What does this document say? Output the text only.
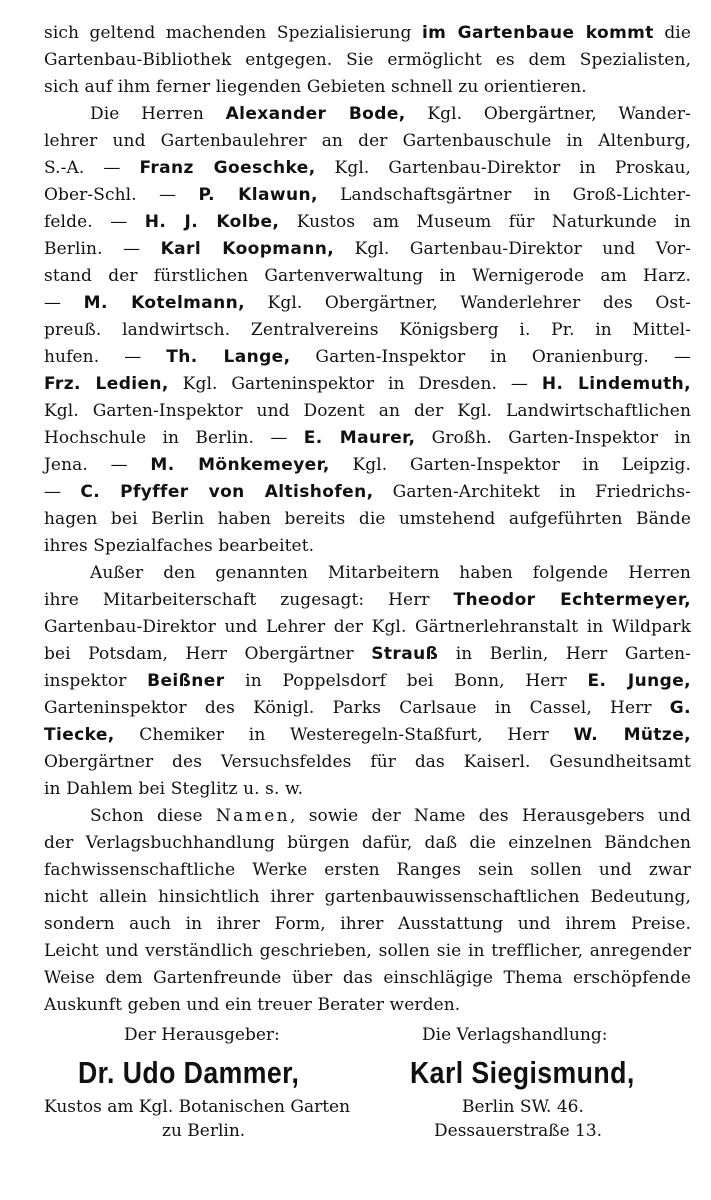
sich geltend machenden Spezialisierung im Gartenbaue kommt die
Gartenbau-Bibliothek entgegen. Sie ermöglicht es dem Spezialisten,
sich auf ihm ferner liegenden Gebieten schnell zu orientieren.
Die Herren Alexander Bode, Kgl. Obergärtner, Wander-
lehrer und Gartenbaulehrer an der Gartenbauschule in Altenburg,
S.-A. — Franz Goeschke, Kgl. Gartenbau-Direktor in Proskau,
Ober-Schl. — P. Klawun, Landschaftsgärtner in Groß-Lichter-
felde. — H. J. Kolbe, Kustos am Museum für Naturkunde in
Berlin. — Karl Koopmann, Kgl. Gartenbau-Direktor und Vor-
stand der fürstlichen Gartenverwaltung in Wernigerode am Harz.
— M. Kotelmann, Kgl. Obergärtner, Wanderlehrer des Ost-
preuß. landwirtsch. Zentralvereins Königsberg i. Pr. in Mittel-
hufen. — Th. Lange, Garten-Inspektor in Oranienburg. —
Frz. Ledien, Kgl. Garteninspektor in Dresden. — H. Lindemuth,
Kgl. Garten-Inspektor und Dozent an der Kgl. Landwirtschaftlichen
Hochschule in Berlin. — E. Maurer, Großh. Garten-Inspektor in
Jena. — M. Mönkemeyer, Kgl. Garten-Inspektor in Leipzig.
— C. Pfyffer von Altishofen, Garten-Architekt in Friedrichs-
hagen bei Berlin haben bereits die umstehend aufgeführten Bände
ihres Spezialfaches bearbeitet.
Außer den genannten Mitarbeitern haben folgende Herren
ihre Mitarbeiterschaft zugesagt: Herr Theodor Echtermeyer,
Gartenbau-Direktor und Lehrer der Kgl. Gärtnerlehranstalt in Wildpark
bei Potsdam, Herr Obergärtner Strauß in Berlin, Herr Garten-
inspektor Beißner in Poppelsdorf bei Bonn, Herr E. Junge,
Garteninspektor des Königl. Parks Carlsaue in Cassel, Herr G.
Tiecke, Chemiker in Westeregeln-Staßfurt, Herr W. Mütze,
Obergärtner des Versuchsfeldes für das Kaiserl. Gesundheitsamt
in Dahlem bei Steglitz u. s. w.
Schon diese Namen, sowie der Name des Herausgebers und
der Verlagsbuchhandlung bürgen dafür, daß die einzelnen Bändchen
fachwissenschaftliche Werke ersten Ranges sein sollen und zwar
nicht allein hinsichtlich ihrer gartenbauwissenschaftlichen Bedeutung,
sondern auch in ihrer Form, ihrer Ausstattung und ihrem Preise.
Leicht und verständlich geschrieben, sollen sie in trefflicher, anregender
Weise dem Gartenfreunde über das einschlägige Thema erschöpfende
Auskunft geben und ein treuer Berater werden.
Der Herausgeber:	Die Verlagshandlung:
Dr. Udo Dammer,	Karl Siegismund,
Kustos am Kgl. Botanischen Garten	Berlin SW. 46.
zu Berlin.	Dessauerstraße 13.
